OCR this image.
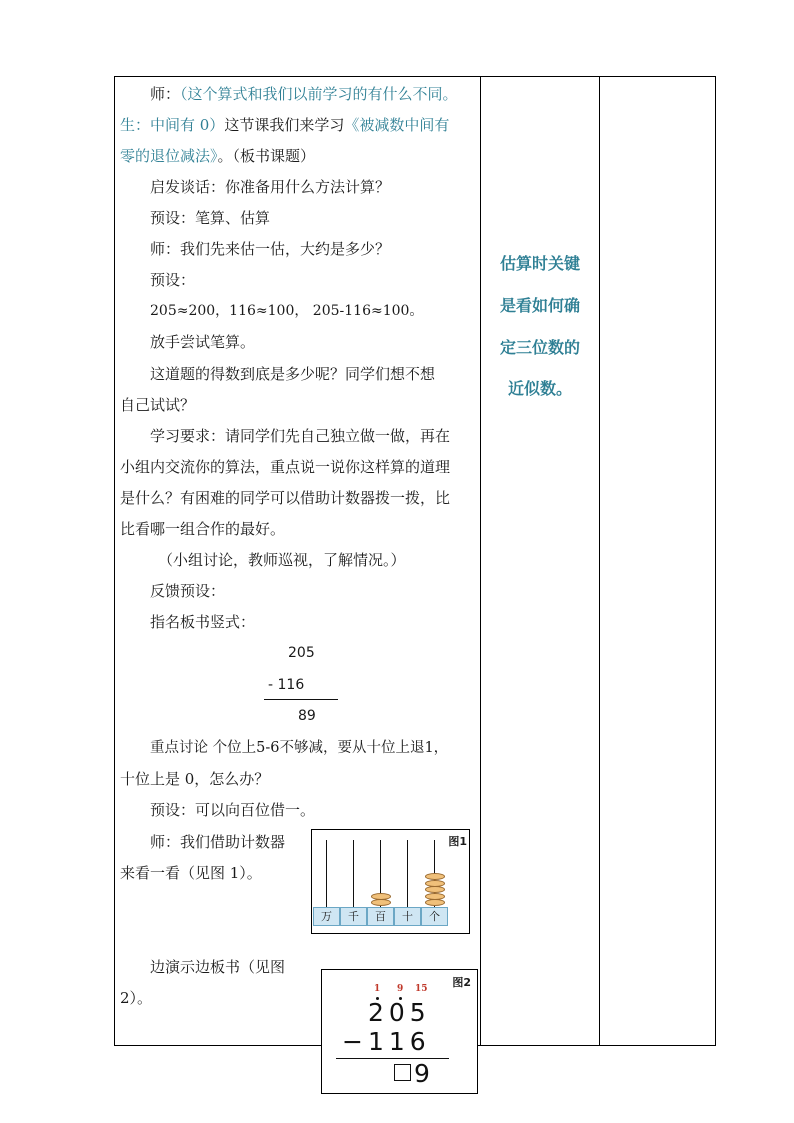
师：（这个算式和我们以前学习的有什么不同。
生：中间有 0）这节课我们来学习《被减数中间有
零的退位减法》。（板书课题）
启发谈话：你准备用什么方法计算？
预设：笔算、估算
师：我们先来估一估，大约是多少？
预设：
205≈200，116≈100， 205-116≈100。
放手尝试笔算。
这道题的得数到底是多少呢？同学们想不想
自己试试？
学习要求：请同学们先自己独立做一做，再在
小组内交流你的算法，重点说一说你这样算的道理
是什么？有困难的同学可以借助计数器拨一拨，比
比看哪一组合作的最好。
（小组讨论，教师巡视，了解情况。）
反馈预设：
指名板书竖式：
205
- 116
89
重点讨论 个位上5-6不够减，要从十位上退1，
十位上是 0，怎么办？
预设：可以向百位借一。
师：我们借助计数器
来看一看（见图 1）。
边演示边板书（见图
2）。
估算时关键
是看如何确
定三位数的
近似数。
图1
万	千	百	十	个
图2
1 9 15
205
− 116
9
